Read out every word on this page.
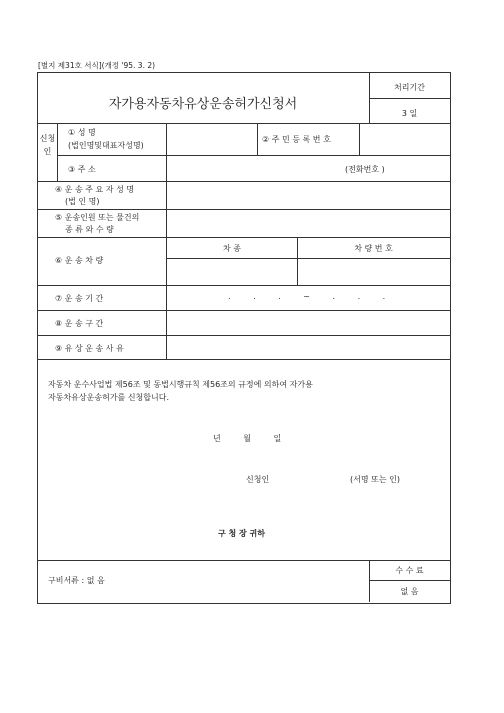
[별지 제31호 서식](개정 '95. 3. 2)
자가용자동차유상운송허가신청서
처리기간
3 일
신청인
① 성 명
(법인명및대표자성명)
② 주 민 등 록 번 호
③ 주 소	(전화번호 )
④ 운 송 주 요 자 성 명
(법 인 명)
⑤ 운송인원 또는 물건의
종 류 와 수 량
⑥ 운 송 차 량
차 종	차 량 번 호
⑦ 운 송 기 간	. . . ~ . . .
⑧ 운 송 구 간
⑨ 유 상 운 송 사 유
자동차 운수사업법 제56조 및 동법시행규칙 제56조의 규정에 의하여 자가용
자동차유상운송허가를 신청합니다.
년 월 일
신청인	(서명 또는 인)
구 청 장 귀하
구비서류 : 없 음
수 수 료
없 음
